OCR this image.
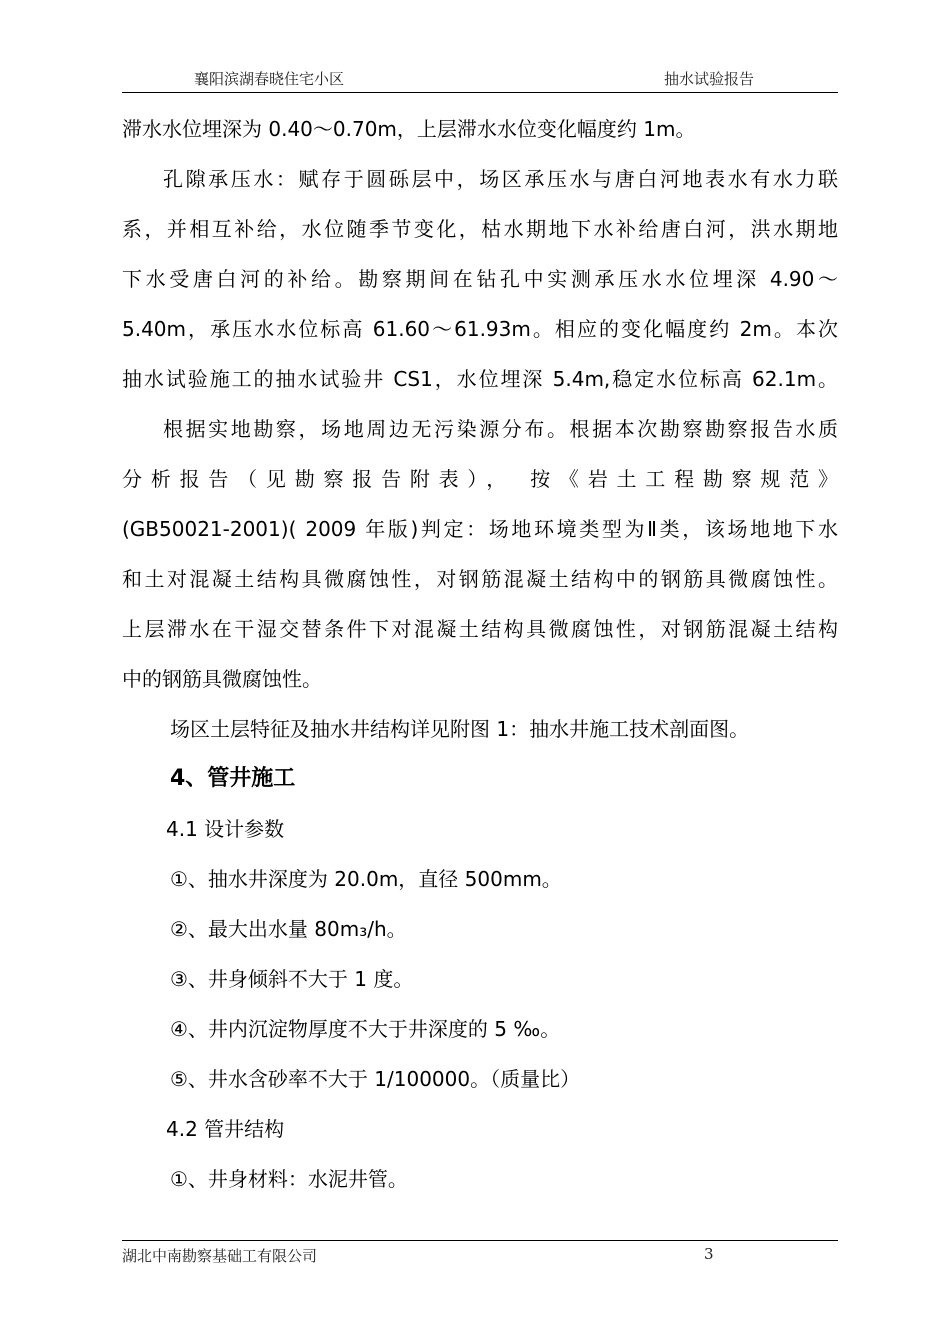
襄阳滨湖春晓住宅小区	抽水试验报告
滞水水位埋深为 0.40～0.70m，上层滞水水位变化幅度约 1m。
孔隙承压水：赋存于圆砾层中，场区承压水与唐白河地表水有水力联
系，并相互补给，水位随季节变化，枯水期地下水补给唐白河，洪水期地
下水受唐白河的补给。勘察期间在钻孔中实测承压水水位埋深 4.90～
5.40m，承压水水位标高 61.60～61.93m。相应的变化幅度约 2m。本次
抽水试验施工的抽水试验井 CS1，水位埋深 5.4m,稳定水位标高 62.1m。
根据实地勘察，场地周边无污染源分布。根据本次勘察勘察报告水质
分析报告（见勘察报告附表）， 按《岩土工程勘察规范》
(GB50021-2001)( 2009 年版)判定：场地环境类型为Ⅱ类，该场地地下水
和土对混凝土结构具微腐蚀性，对钢筋混凝土结构中的钢筋具微腐蚀性。
上层滞水在干湿交替条件下对混凝土结构具微腐蚀性，对钢筋混凝土结构
中的钢筋具微腐蚀性。
场区土层特征及抽水井结构详见附图 1：抽水井施工技术剖面图。
4、管井施工
4.1 设计参数
①、抽水井深度为 20.0m，直径 500mm。
②、最大出水量 80m₃/h。
③、井身倾斜不大于 1 度。
④、井内沉淀物厚度不大于井深度的 5 ‰。
⑤、井水含砂率不大于 1/100000。（质量比）
4.2 管井结构
①、井身材料：水泥井管。
湖北中南勘察基础工有限公司	3
